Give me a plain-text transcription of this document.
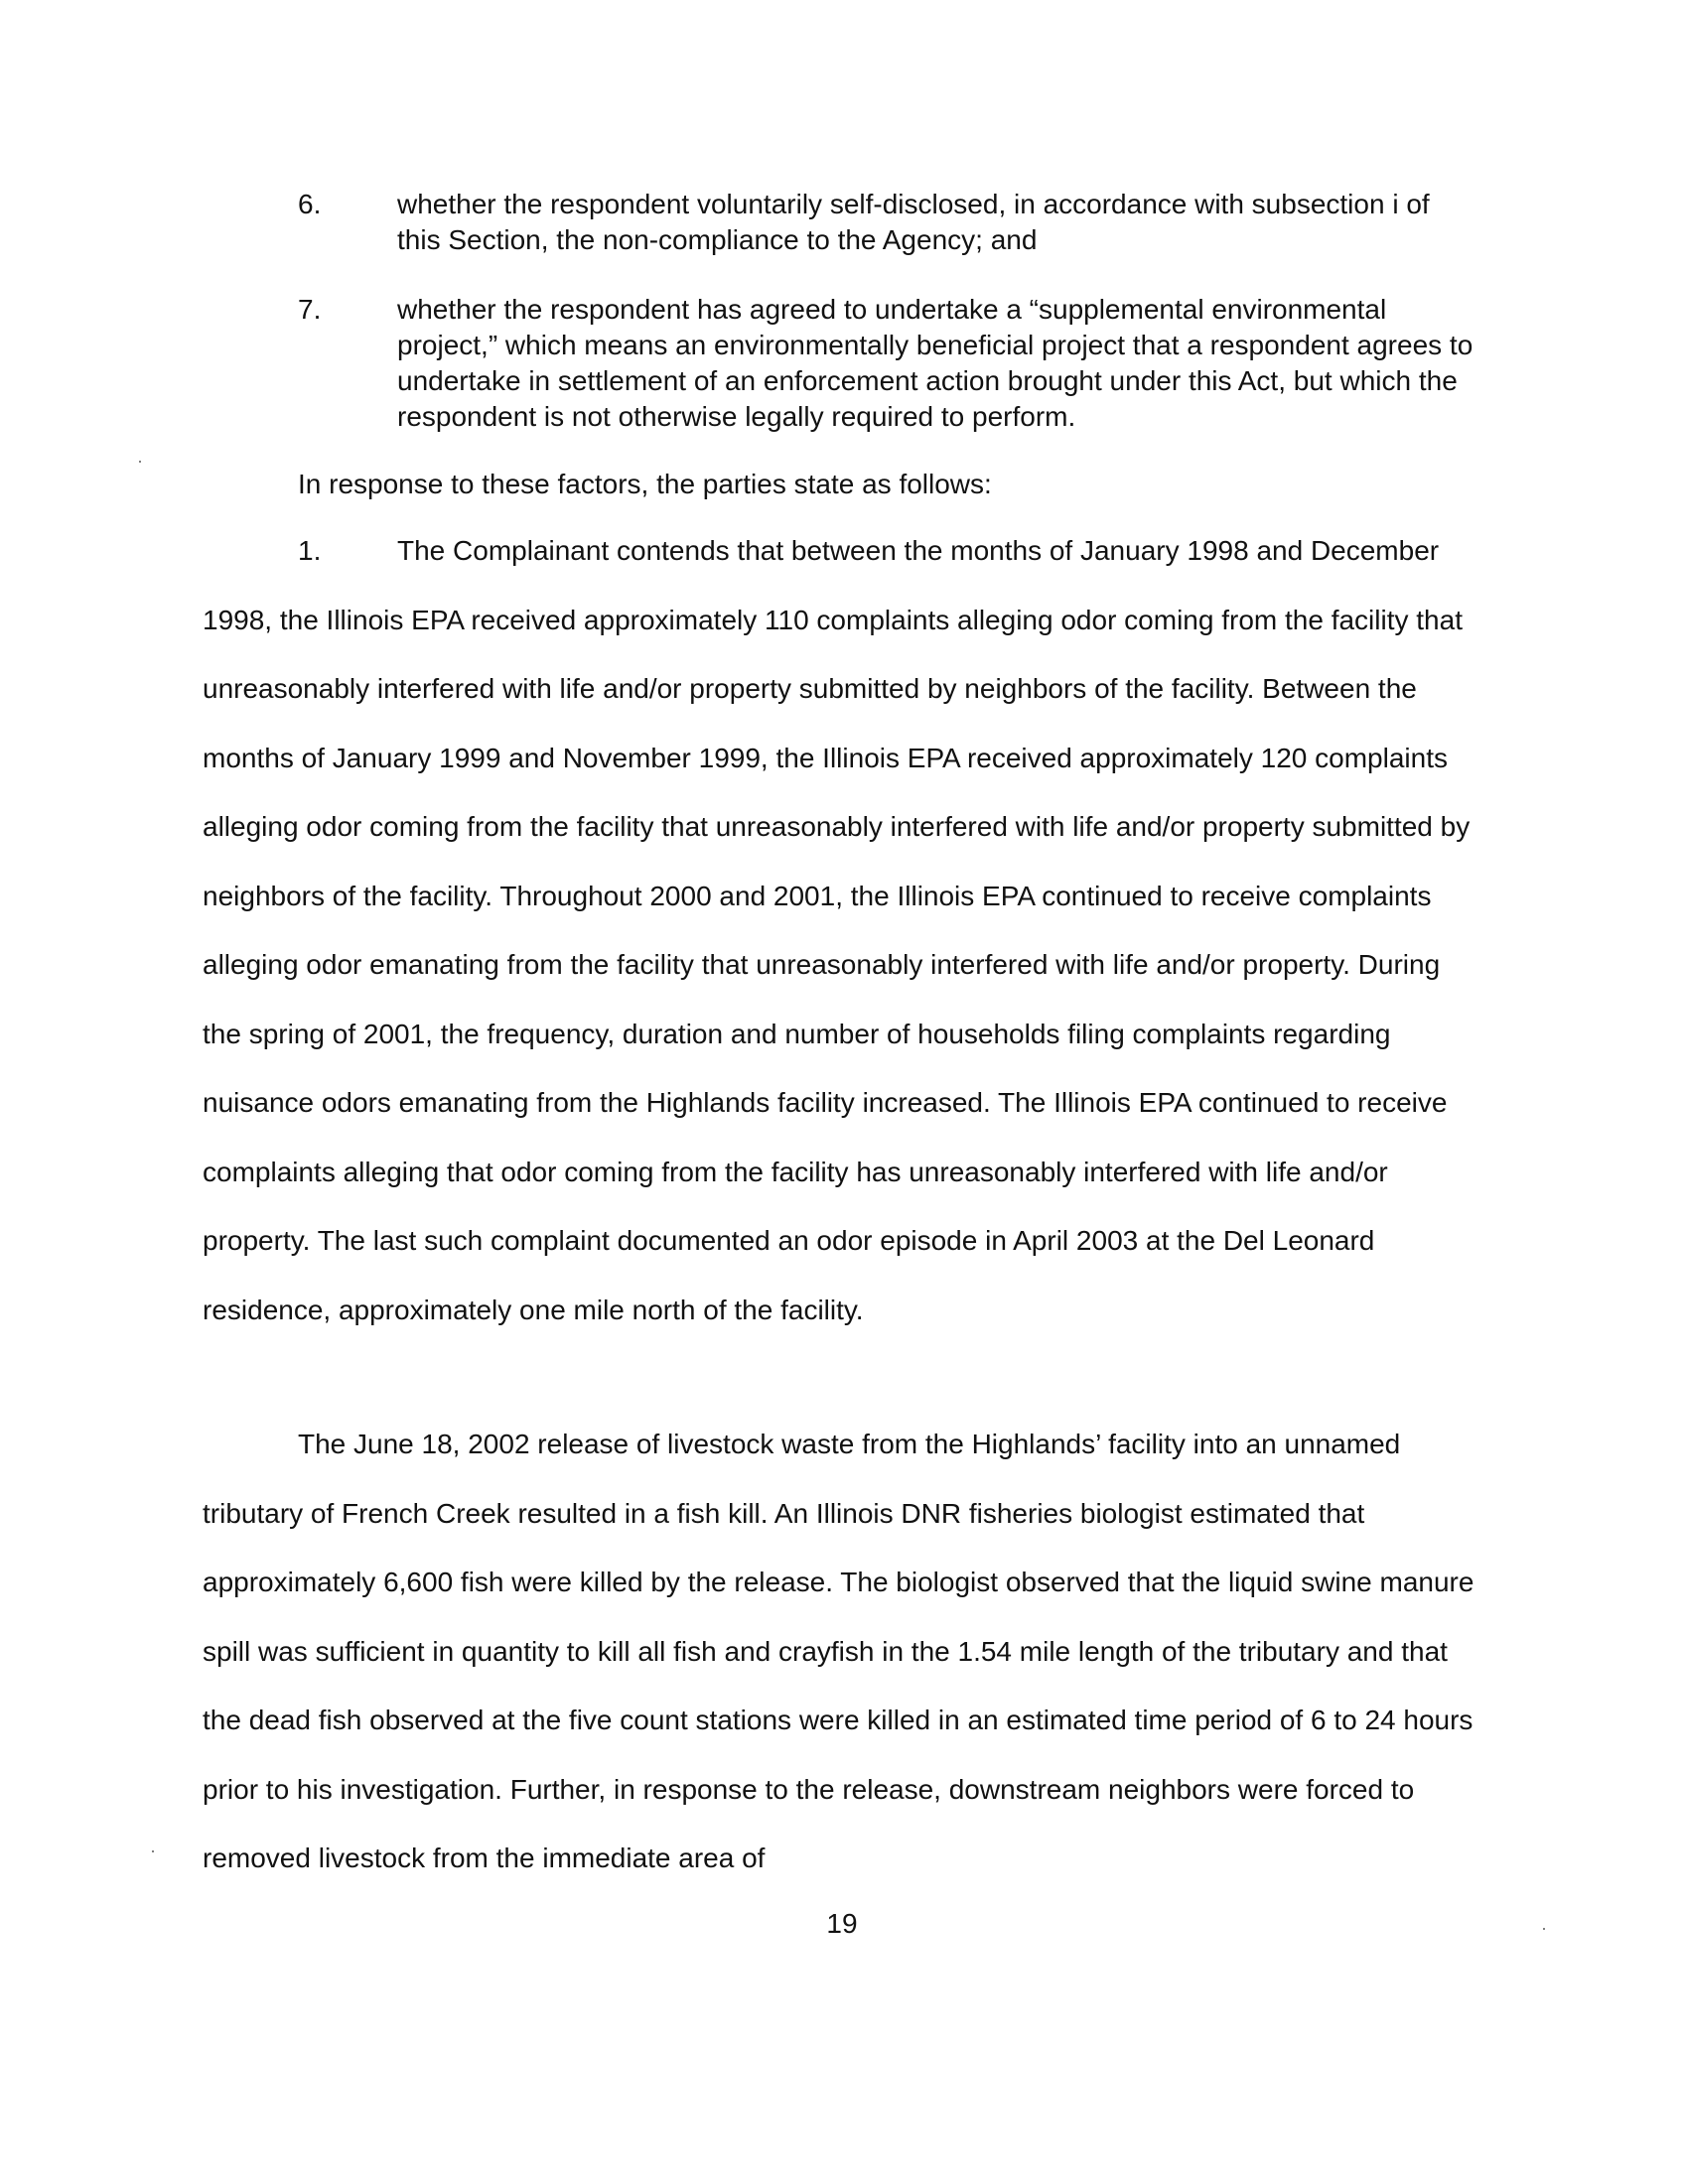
6.	whether the respondent voluntarily self-disclosed, in accordance with subsection i of this Section, the non-compliance to the Agency; and
7.	whether the respondent has agreed to undertake a “supplemental environmental project,” which means an environmentally beneficial project that a respondent agrees to undertake in settlement of an enforcement action brought under this Act, but which the respondent is not otherwise legally required to perform.
In response to these factors, the parties state as follows:
1.	The Complainant contends that between the months of January 1998 and December 1998, the Illinois EPA received approximately 110 complaints alleging odor coming from the facility that unreasonably interfered with life and/or property submitted by neighbors of the facility. Between the months of January 1999 and November 1999, the Illinois EPA received approximately 120 complaints alleging odor coming from the facility that unreasonably interfered with life and/or property submitted by neighbors of the facility. Throughout 2000 and 2001, the Illinois EPA continued to receive complaints alleging odor emanating from the facility that unreasonably interfered with life and/or property. During the spring of 2001, the frequency, duration and number of households filing complaints regarding nuisance odors emanating from the Highlands facility increased. The Illinois EPA continued to receive complaints alleging that odor coming from the facility has unreasonably interfered with life and/or property. The last such complaint documented an odor episode in April 2003 at the Del Leonard residence, approximately one mile north of the facility.
The June 18, 2002 release of livestock waste from the Highlands’ facility into an unnamed tributary of French Creek resulted in a fish kill. An Illinois DNR fisheries biologist estimated that approximately 6,600 fish were killed by the release. The biologist observed that the liquid swine manure spill was sufficient in quantity to kill all fish and crayfish in the 1.54 mile length of the tributary and that the dead fish observed at the five count stations were killed in an estimated time period of 6 to 24 hours prior to his investigation. Further, in response to the release, downstream neighbors were forced to removed livestock from the immediate area of
19
